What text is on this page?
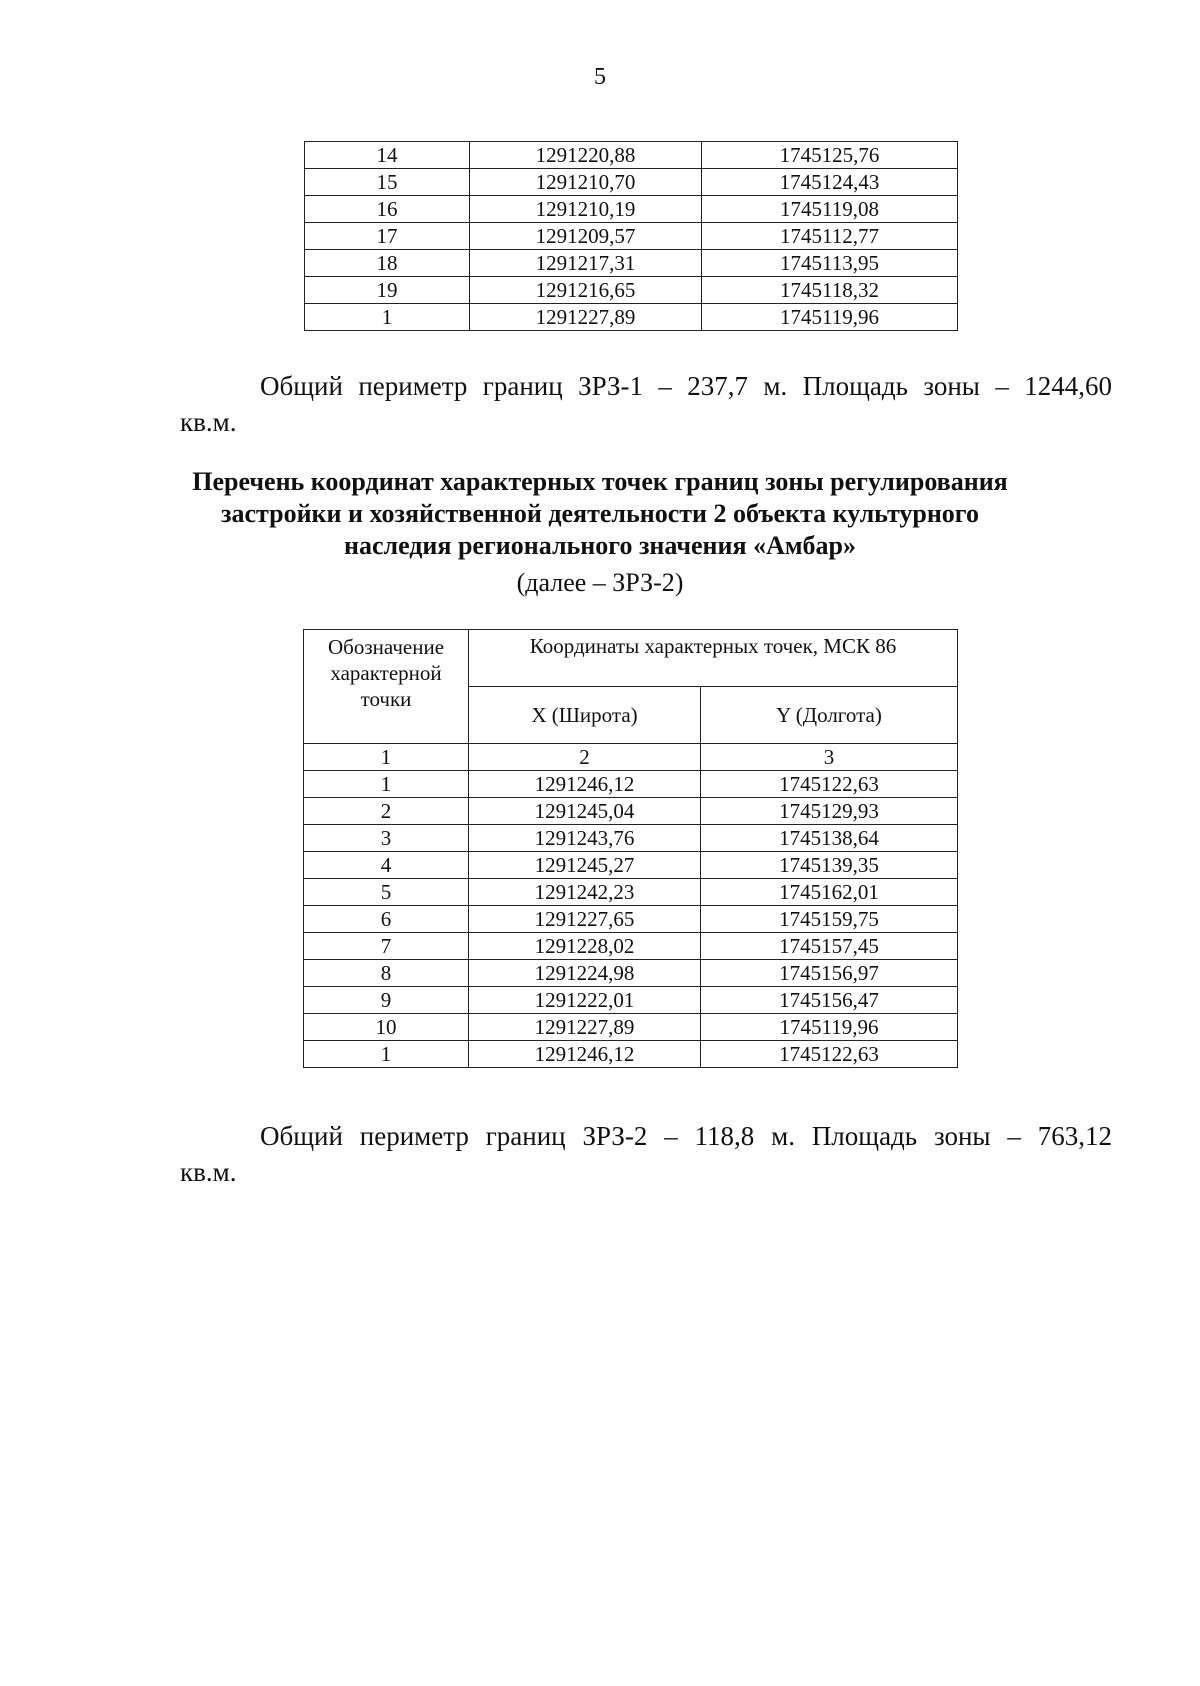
5
14	1291220,88	1745125,76
15	1291210,70	1745124,43
16	1291210,19	1745119,08
17	1291209,57	1745112,77
18	1291217,31	1745113,95
19	1291216,65	1745118,32
1	1291227,89	1745119,96
Общий периметр границ ЗРЗ-1 – 237,7 м. Площадь зоны – 1244,60
кв.м.
Перечень координат характерных точек границ зоны регулирования
застройки и хозяйственной деятельности 2 объекта культурного
наследия регионального значения «Амбар»
(далее – ЗРЗ-2)
Обозначение характерной точки	Координаты характерных точек, МСК 86	
	X (Широта)	Y (Долгота)
1	2	3
1	1291246,12	1745122,63
2	1291245,04	1745129,93
3	1291243,76	1745138,64
4	1291245,27	1745139,35
5	1291242,23	1745162,01
6	1291227,65	1745159,75
7	1291228,02	1745157,45
8	1291224,98	1745156,97
9	1291222,01	1745156,47
10	1291227,89	1745119,96
1	1291246,12	1745122,63
Общий периметр границ ЗРЗ-2 – 118,8 м. Площадь зоны – 763,12
кв.м.
